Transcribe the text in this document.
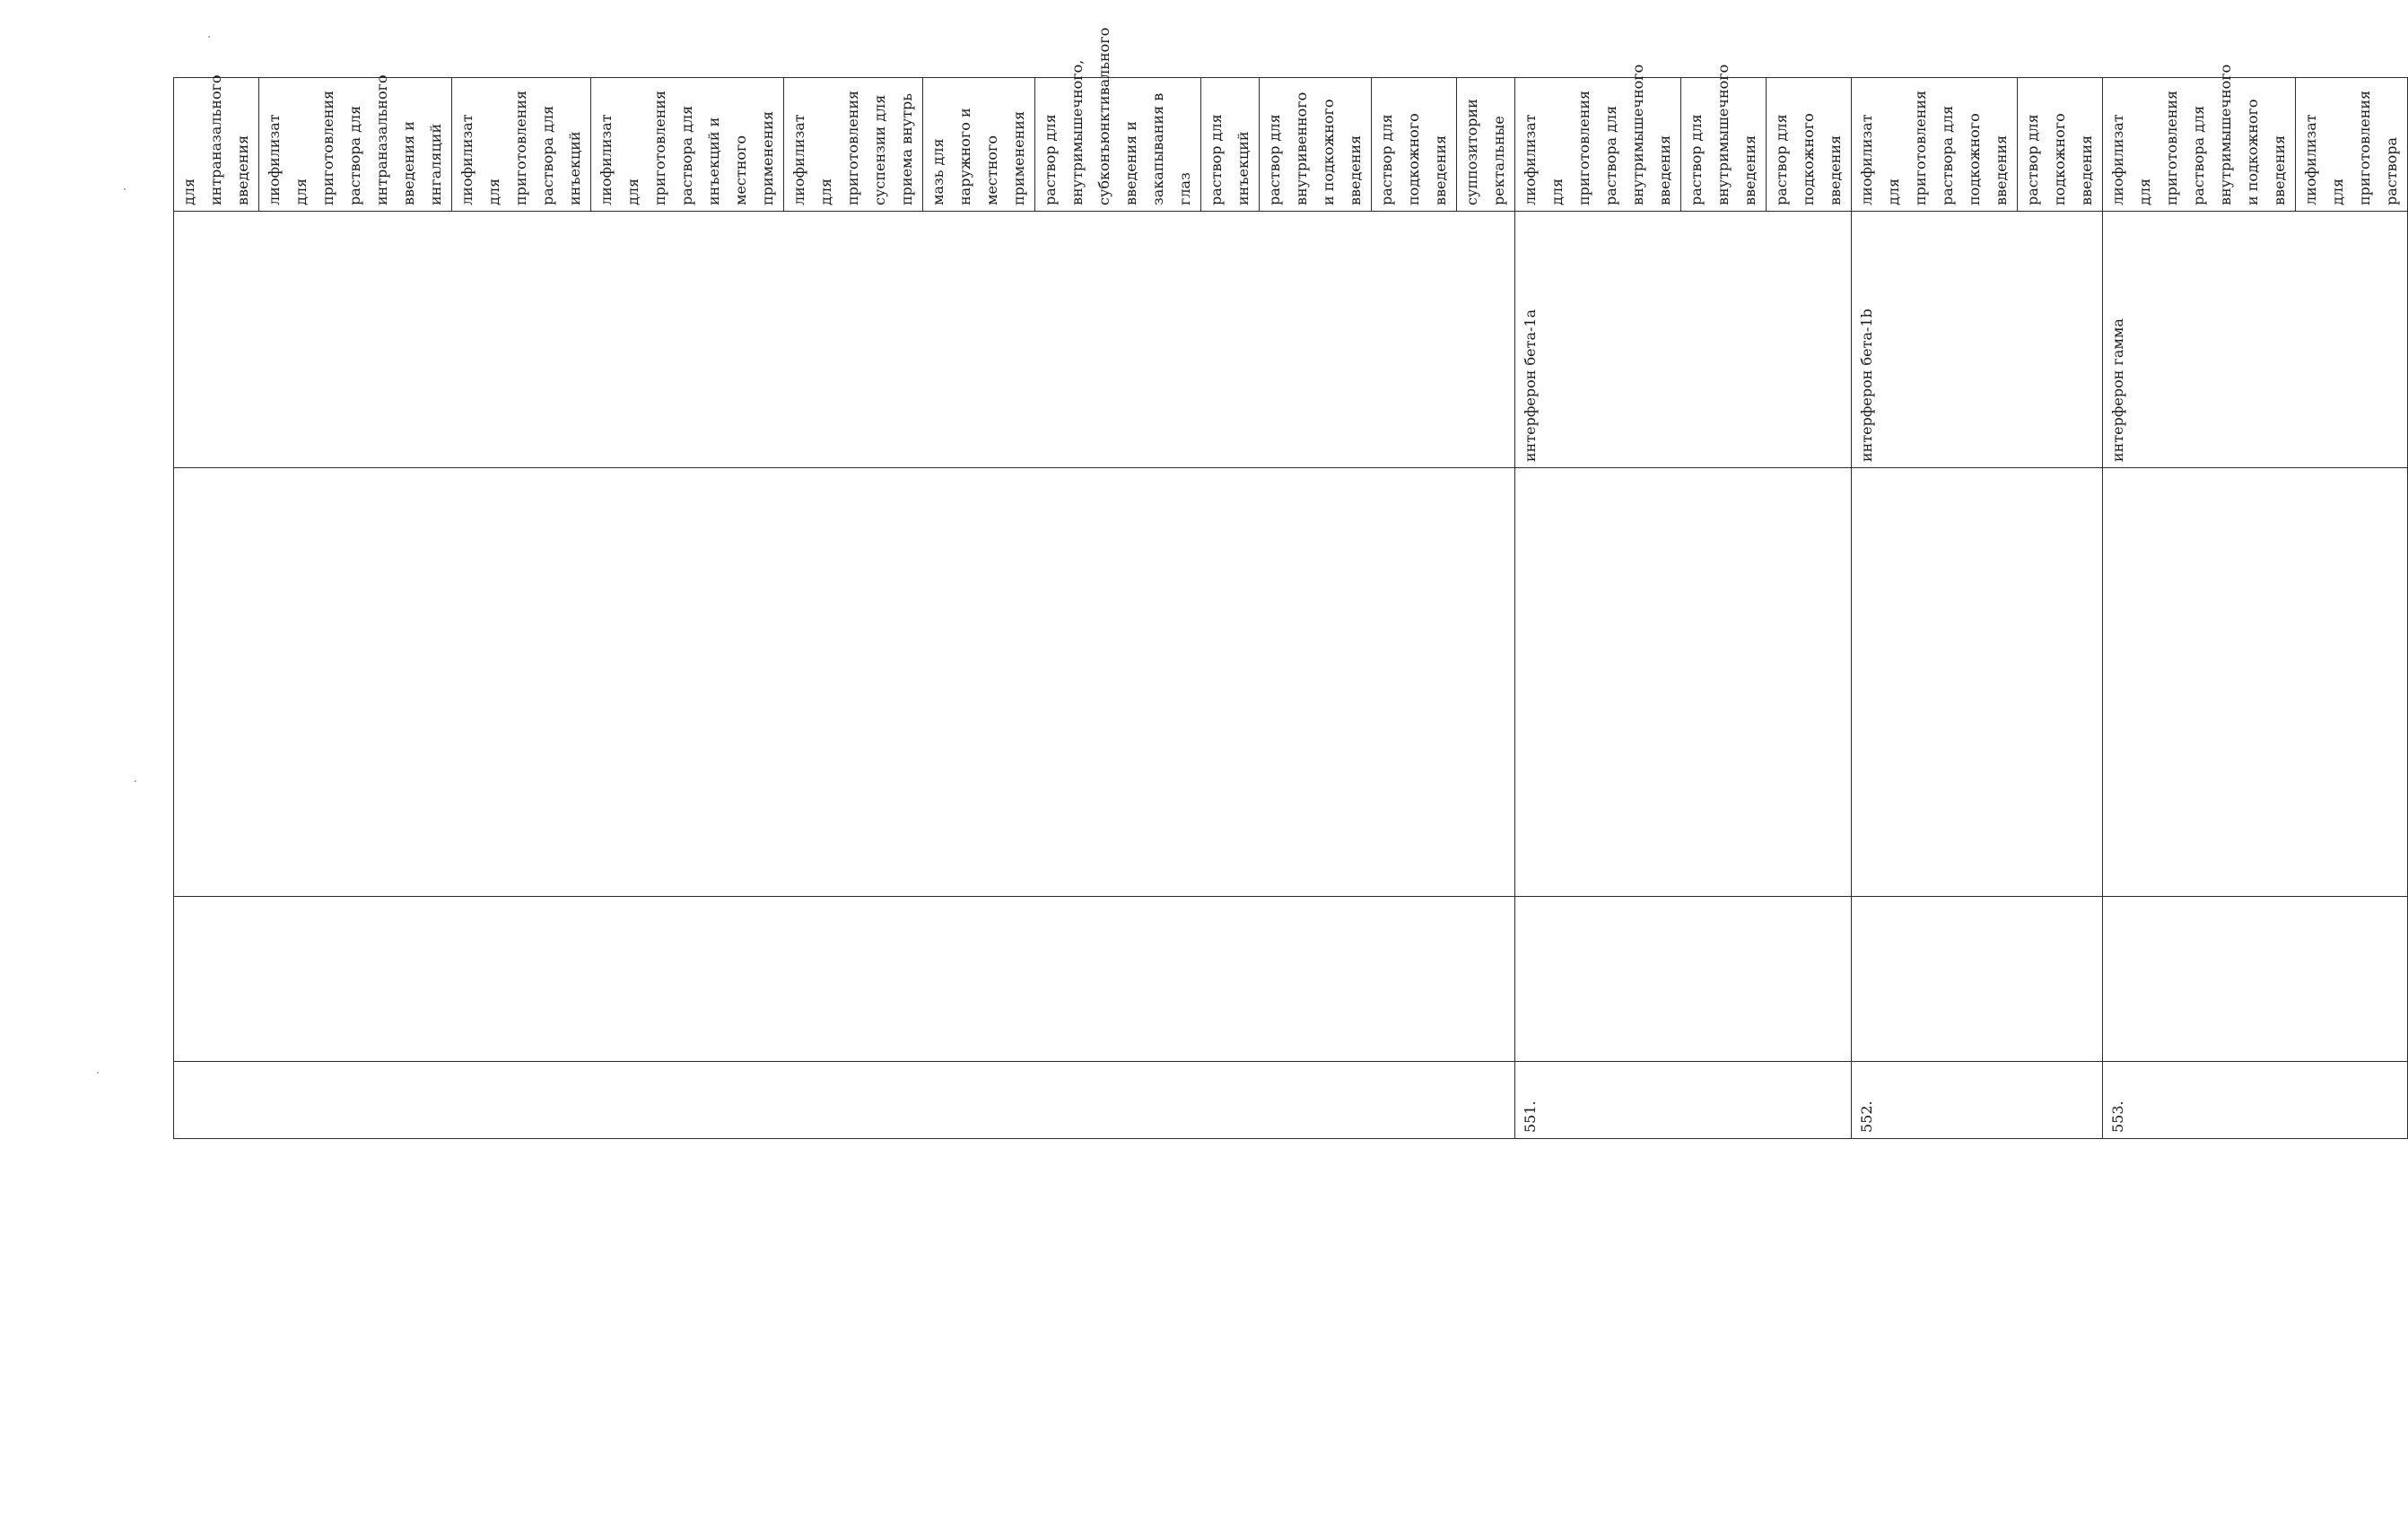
				для интраназального введения
				лиофилизат для приготовления раствора для интраназального введения и ингаляций
				лиофилизат для приготовления раствора для инъекций
				лиофилизат для приготовления раствора для инъекций и местного применения
				лиофилизат для приготовления суспензии для приема внутрь
				мазь для наружного и местного применения
				раствор для внутримышечного, субконъюнктивального введения и закапывания в глаз
				раствор для инъекций
				раствор для внутривенного и подкожного введения
				раствор для подкожного введения
				суппозитории ректальные
551.			интерферон бета-1a	лиофилизат для приготовления раствора для внутримышечного введения
				раствор для внутримышечного введения
				раствор для подкожного введения
552.			интерферон бета-1b	лиофилизат для приготовления раствора для подкожного введения
				раствор для подкожного введения
553.			интерферон гамма	лиофилизат для приготовления раствора для внутримышечного и подкожного введения
				лиофилизат для приготовления раствора
